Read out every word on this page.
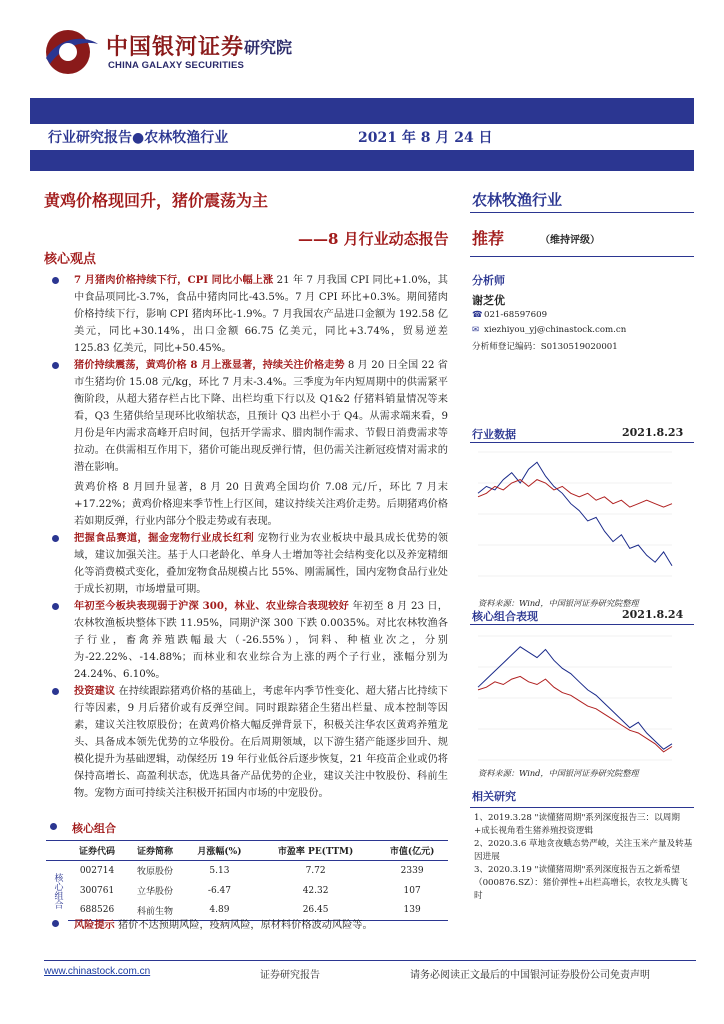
中国银河证券
CHINA GALAXY SECURITIES
研究院
行业研究报告●农林牧渔行业	2021 年 8 月 24 日
黄鸡价格现回升，猪价震荡为主
——8 月行业动态报告
核心观点

7 月猪肉价格持续下行，CPI 同比小幅上涨 21 年 7 月我国 CPI 同比+1.0%，其中食品项同比-3.7%，食品中猪肉同比-43.5%。7 月 CPI 环比+0.3%。期间猪肉价格持续下行，影响 CPI 猪肉环比-1.9%。7 月我国农产品进口金额为 192.58 亿美元，同比+30.14%，出口金额 66.75 亿美元，同比+3.74%，贸易逆差 125.83 亿美元，同比+50.45%。

猪价持续震荡，黄鸡价格 8 月上涨显著，持续关注价格走势 8 月 20 日全国 22 省市生猪均价 15.08 元/kg，环比 7 月末-3.4%。三季度为年内短周期中的供需紧平衡阶段，从超大猪存栏占比下降、出栏均重下行以及 Q1&2 仔猪料销量情况等来看，Q3 生猪供给呈现环比收缩状态，且预计 Q3 出栏小于 Q4。从需求端来看，9 月份是年内需求高峰开启时间，包括开学需求、腊肉制作需求、节假日消费需求等拉动。在供需相互作用下，猪价可能出现反弹行情，但仍需关注新冠疫情对需求的潜在影响。

黄鸡价格 8 月回升显著，8 月 20 日黄鸡全国均价 7.08 元/斤，环比 7 月末+17.22%；黄鸡价格迎来季节性上行区间，建议持续关注鸡价走势。后期猪鸡价格若如期反弹，行业内部分个股走势或有表现。

把握食品赛道，掘金宠物行业成长红利 宠物行业为农业板块中最具成长优势的领域，建议加强关注。基于人口老龄化、单身人士增加等社会结构变化以及养宠精细化等消费模式变化，叠加宠物食品规模占比 55%、刚需属性，国内宠物食品行业处于成长初期，市场增量可期。

年初至今板块表现弱于沪深 300，林业、农业综合表现较好 年初至 8 月 23 日，农林牧渔板块整体下跌 11.95%，同期沪深 300 下跌 0.0035%。对比农林牧渔各子行业，畜禽养殖跌幅最大（-26.55%），饲料、种植业次之，分别为-22.22%、-14.88%；而林业和农业综合为上涨的两个子行业，涨幅分别为 24.24%、6.10%。

投资建议 在持续跟踪猪鸡价格的基础上，考虑年内季节性变化、超大猪占比持续下行等因素，9 月后猪价或有反弹空间。同时跟踪猪企生猪出栏量、成本控制等因素，建议关注牧原股份；在黄鸡价格大幅反弹背景下，积极关注华农区黄鸡养殖龙头、具备成本领先优势的立华股份。在后周期领域，以下游生猪产能逐步回升、规模化提升为基础逻辑，动保经历 19 年行业低谷后逐步恢复，21 年疫苗企业或仍将保持高增长、高盈利状态，优选具备产品优势的企业，建议关注中牧股份、科前生物。宠物方面可持续关注积极开拓国内市场的中宠股份。

核心组合
	证券代码	证券简称	月涨幅(%)	市盈率 PE(TTM)	市值(亿元)
核心组合	002714	牧原股份	5.13	7.72	2339
	300761	立华股份	-6.47	42.32	107
	688526	科前生物	4.89	26.45	139
风险提示 猪价不达预期风险，疫病风险，原材料价格波动风险等。
农林牧渔行业
推荐	（维持评级）
分析师
谢芝优
☎021-68597609
✉ xiezhiyou_yj@chinastock.com.cn
分析师登记编码：S0130519020001
行业数据	2021.8.23
资料来源：Wind，中国银河证券研究院整理
核心组合表现	2021.8.24
资料来源：Wind，中国银河证券研究院整理
相关研究
1、2019.3.28 "读懂猪周期"系列深度报告三：以周期+成长视角看生猪养殖投资逻辑
2、2020.3.6 草地贪夜蛾态势严峻，关注玉米产量及转基因进展
3、2020.3.19 "读懂猪周期"系列深度报告五之新希望（000876.SZ）：猪价弹性+出栏高增长，农牧龙头腾飞时
www.chinastock.com.cn	证券研究报告	请务必阅读正文最后的中国银河证券股份公司免责声明
